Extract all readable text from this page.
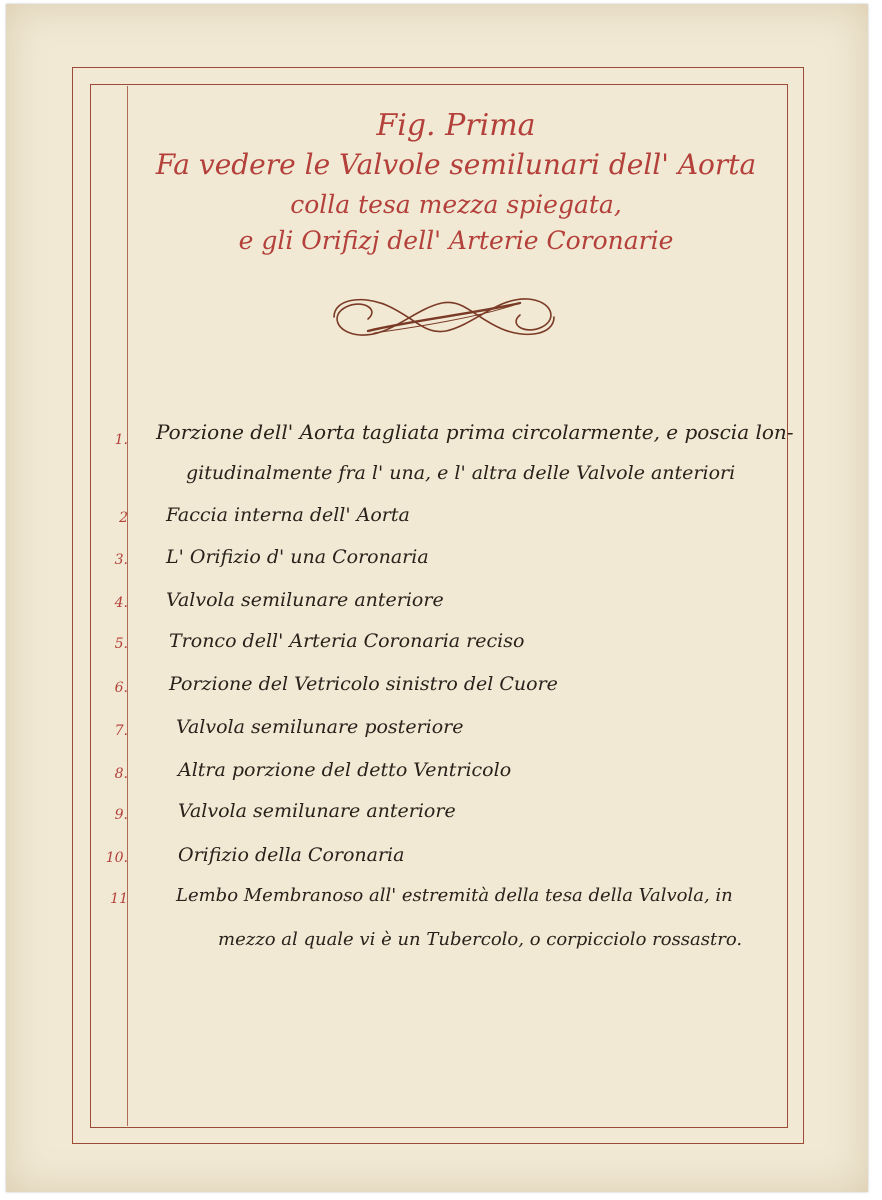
Fig. Prima
Fa vedere le Valvole semilunari dell' Aorta
colla tesa mezza spiegata,
e gli Orifizj dell' Arterie Coronarie
1. Porzione dell' Aorta tagliata prima circolarmente, e poscia lon-
gitudinalmente fra l' una, e l' altra delle Valvole anteriori
2 Faccia interna dell' Aorta
3. L' Orifizio d' una Coronaria
4. Valvola semilunare anteriore
5. Tronco dell' Arteria Coronaria reciso
6. Porzione del Vetricolo sinistro del Cuore
7.	Valvola semilunare posteriore
8.	Altra porzione del detto Ventricolo
9.	Valvola semilunare anteriore
10.	Orifizio della Coronaria
11	Lembo Membranoso all' estremità della tesa della Valvola, in
mezzo al quale vi è un Tubercolo, o corpicciolo rossastro.
